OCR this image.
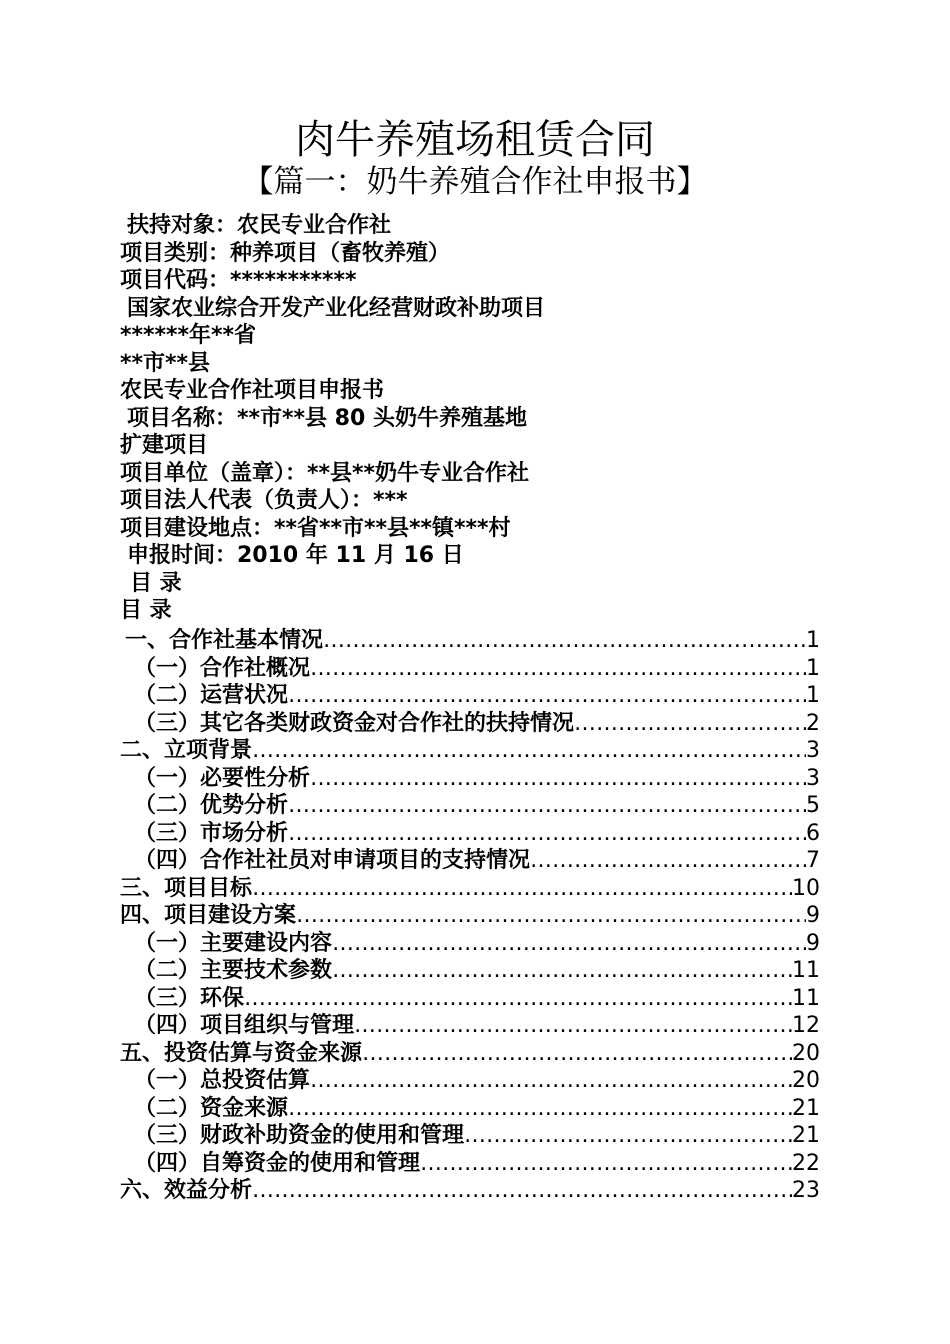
肉牛养殖场租赁合同
【篇一：奶牛养殖合作社申报书】
扶持对象：农民专业合作社
项目类别：种养项目（畜牧养殖）
项目代码：***********
国家农业综合开发产业化经营财政补助项目
******年**省
**市**县
农民专业合作社项目申报书
项目名称：**市**县 80 头奶牛养殖基地
扩建项目
项目单位（盖章）：**县**奶牛专业合作社
项目法人代表（负责人）：***
项目建设地点：**省**市**县**镇***村
申报时间：2010 年 11 月 16 日
目 录
目 录
一、合作社基本情况 ………………………………………………………………………………………………………………………………………………………………………………	1
（一）合作社概况 ………………………………………………………………………………………………………………………………………………………………………………	1
（二）运营状况 ………………………………………………………………………………………………………………………………………………………………………………	1
（三）其它各类财政资金对合作社的扶持情况 ………………………………………………………………………………………………………………………………………………………………………………	2
二、立项背景 ………………………………………………………………………………………………………………………………………………………………………………	3
（一）必要性分析 ………………………………………………………………………………………………………………………………………………………………………………	3
（二）优势分析 ………………………………………………………………………………………………………………………………………………………………………………	5
（三）市场分析 ………………………………………………………………………………………………………………………………………………………………………………	6
（四）合作社社员对申请项目的支持情况 ………………………………………………………………………………………………………………………………………………………………………………	7
三、项目目标 ………………………………………………………………………………………………………………………………………………………………………………	10
四、项目建设方案 ………………………………………………………………………………………………………………………………………………………………………………	9
（一）主要建设内容 ………………………………………………………………………………………………………………………………………………………………………………	9
（二）主要技术参数 ………………………………………………………………………………………………………………………………………………………………………………	11
（三）环保 ………………………………………………………………………………………………………………………………………………………………………………	11
（四）项目组织与管理 ………………………………………………………………………………………………………………………………………………………………………………	12
五、投资估算与资金来源 ………………………………………………………………………………………………………………………………………………………………………………	20
（一）总投资估算 ………………………………………………………………………………………………………………………………………………………………………………	20
（二）资金来源 ………………………………………………………………………………………………………………………………………………………………………………	21
（三）财政补助资金的使用和管理 ………………………………………………………………………………………………………………………………………………………………………………	21
（四）自筹资金的使用和管理 ………………………………………………………………………………………………………………………………………………………………………………	22
六、效益分析 ………………………………………………………………………………………………………………………………………………………………………………	23
